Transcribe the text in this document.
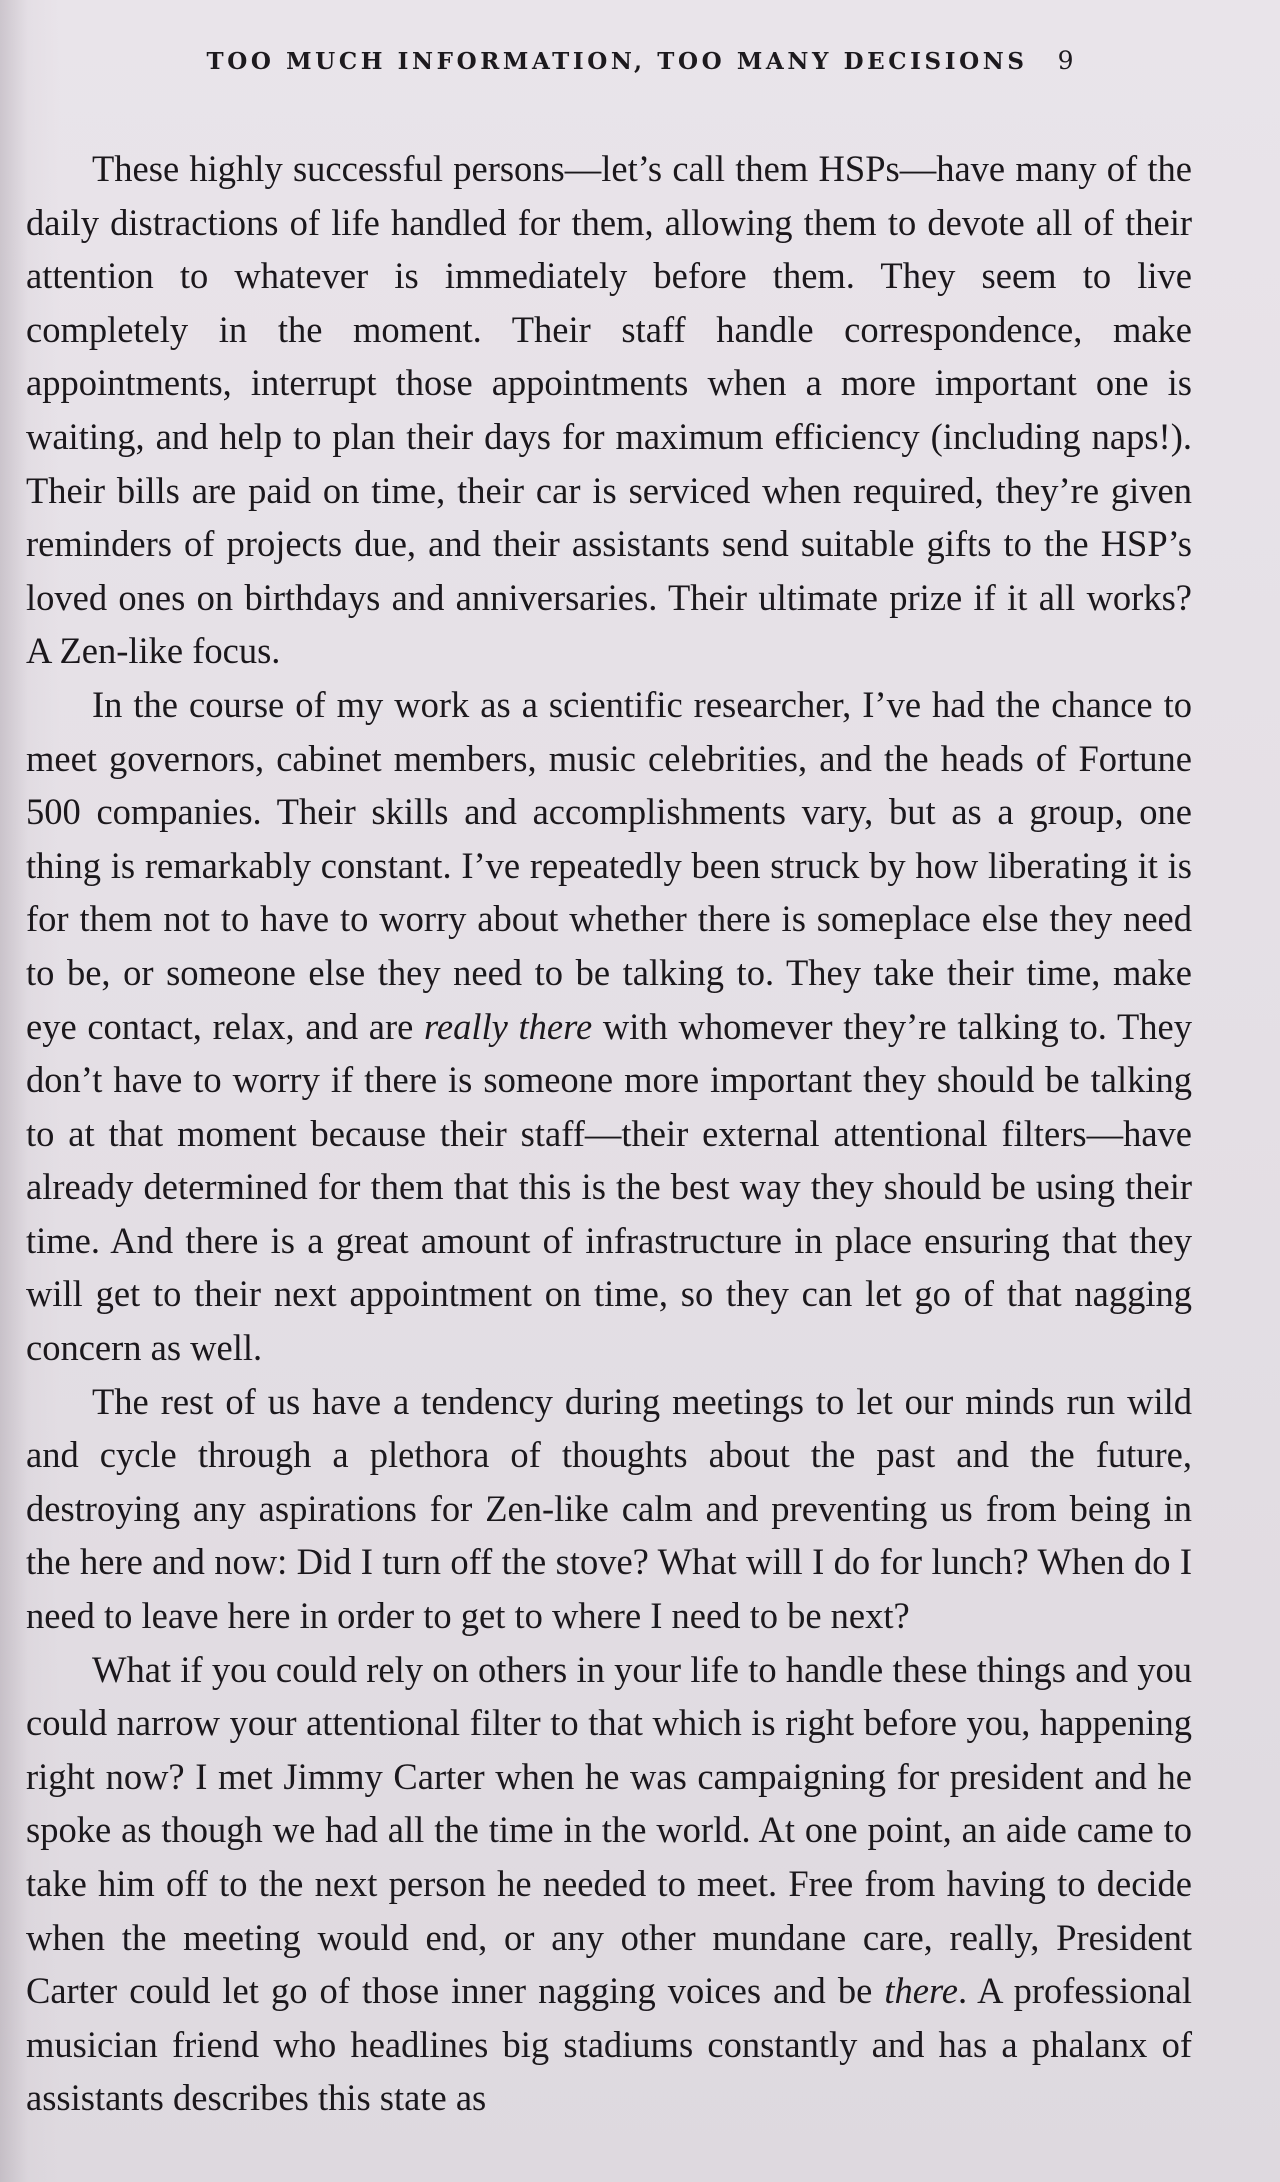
TOO MUCH INFORMATION, TOO MANY DECISIONS 9

These highly successful persons—let’s call them HSPs—have many of the daily distractions of life handled for them, allowing them to devote all of their attention to whatever is immediately before them. They seem to live completely in the moment. Their staff handle correspondence, make appointments, interrupt those appointments when a more important one is waiting, and help to plan their days for maximum efficiency (including naps!). Their bills are paid on time, their car is serviced when required, they’re given reminders of projects due, and their assistants send suitable gifts to the HSP’s loved ones on birthdays and anniversaries. Their ultimate prize if it all works? A Zen-like focus.

In the course of my work as a scientific researcher, I’ve had the chance to meet governors, cabinet members, music celebrities, and the heads of Fortune 500 companies. Their skills and accomplishments vary, but as a group, one thing is remarkably constant. I’ve repeatedly been struck by how liberating it is for them not to have to worry about whether there is someplace else they need to be, or someone else they need to be talking to. They take their time, make eye contact, relax, and are really there with whomever they’re talking to. They don’t have to worry if there is someone more important they should be talking to at that moment because their staff—their external attentional filters—have already determined for them that this is the best way they should be using their time. And there is a great amount of infrastructure in place ensuring that they will get to their next appointment on time, so they can let go of that nagging concern as well.

The rest of us have a tendency during meetings to let our minds run wild and cycle through a plethora of thoughts about the past and the future, destroying any aspirations for Zen-like calm and preventing us from being in the here and now: Did I turn off the stove? What will I do for lunch? When do I need to leave here in order to get to where I need to be next?

What if you could rely on others in your life to handle these things and you could narrow your attentional filter to that which is right before you, happening right now? I met Jimmy Carter when he was campaigning for president and he spoke as though we had all the time in the world. At one point, an aide came to take him off to the next person he needed to meet. Free from having to decide when the meeting would end, or any other mundane care, really, President Carter could let go of those inner nagging voices and be there. A professional musician friend who headlines big stadiums constantly and has a phalanx of assistants describes this state as
